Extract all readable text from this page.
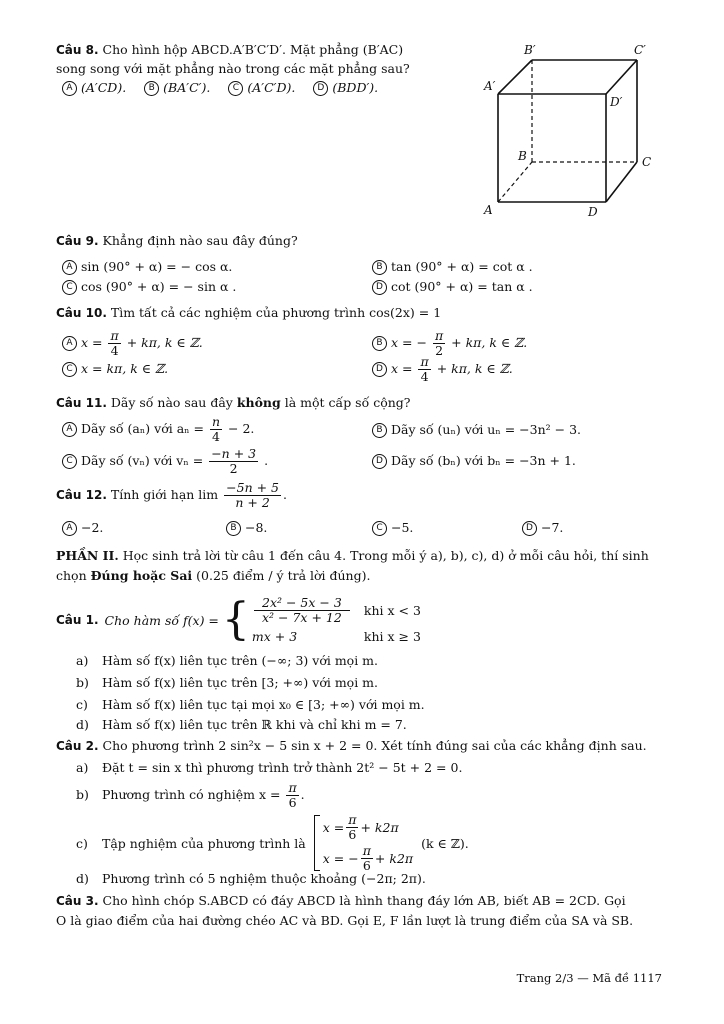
Câu 8. Cho hình hộp ABCD.A′B′C′D′. Mặt phẳng (B′AC)
song song với mặt phẳng nào trong các mặt phẳng sau?
A (A′CD). B (BA′C′). C (A′C′D). D (BDD′).
B′	C′
A′
D′
B	C
A	D
Câu 9. Khẳng định nào sau đây đúng?
A sin (90° + α) = − cos α.	B tan (90° + α) = cot α .
C cos (90° + α) = − sin α .	D cot (90° + α) = tan α .
Câu 10. Tìm tất cả các nghiệm của phương trình cos(2x) = 1
A $x = \frac{\pi}{4} + k\pi$, k ∈ ℤ.	B x = − $\frac{\pi}{2} + k\pi$, k ∈ ℤ.
C x = kπ, k ∈ ℤ.	D $x = \frac{\pi}{4} + k\pi$, k ∈ ℤ.
Câu 11. Dãy số nào sau đây không là một cấp số cộng?
A Dãy số (aₙ) với $a_n = \frac{n}{4} - 2$.	B Dãy số (uₙ) với uₙ = −3n² − 3.
C Dãy số (vₙ) với $v_n = \frac{-n + 3}{2}$ .	D Dãy số (bₙ) với bₙ = −3n + 1.
Câu 12. Tính giới hạn $\lim \frac{-5n + 5}{n + 2}$ .
A −2.	B −8.	C −5.	D −7.
PHẦN II. Học sinh trả lời từ câu 1 đến câu 4. Trong mỗi ý a), b), c), d) ở mỗi câu hỏi, thí sinh
chọn Đúng hoặc Sai (0.25 điểm / ý trả lời đúng).
Câu 1. Cho hàm số f(x) = { 2x² − 5x − 3
x² − 7x + 12	khi x < 3
mx + 3	khi x ≥ 3
a) Hàm số f(x) liên tục trên (−∞; 3) với mọi m.
b) Hàm số f(x) liên tục trên [3; +∞) với mọi m.
c) Hàm số f(x) liên tục tại mọi x₀ ∈ [3; +∞) với mọi m.
d) Hàm số f(x) liên tục trên ℝ khi và chỉ khi m = 7.
Câu 2. Cho phương trình 2 sin²x − 5 sin x + 2 = 0. Xét tính đúng sai của các khẳng định sau.
a) Đặt t = sin x thì phương trình trở thành 2t² − 5t + 2 = 0.
b) Phương trình có nghiệm $x = \frac{\pi}{6}$ .
c)	Tập nghiệm của phương trình là
$x = \frac{\pi}{6} + k2\pi$
x = − $\frac{\pi}{6} + k2\pi$
(k ∈ ℤ).
d) Phương trình có 5 nghiệm thuộc khoảng (−2π; 2π).
Câu 3. Cho hình chóp S.ABCD có đáy ABCD là hình thang đáy lớn AB, biết AB = 2CD. Gọi
O là giao điểm của hai đường chéo AC và BD. Gọi E, F lần lượt là trung điểm của SA và SB.
Trang 2/3 — Mã đề 1117
